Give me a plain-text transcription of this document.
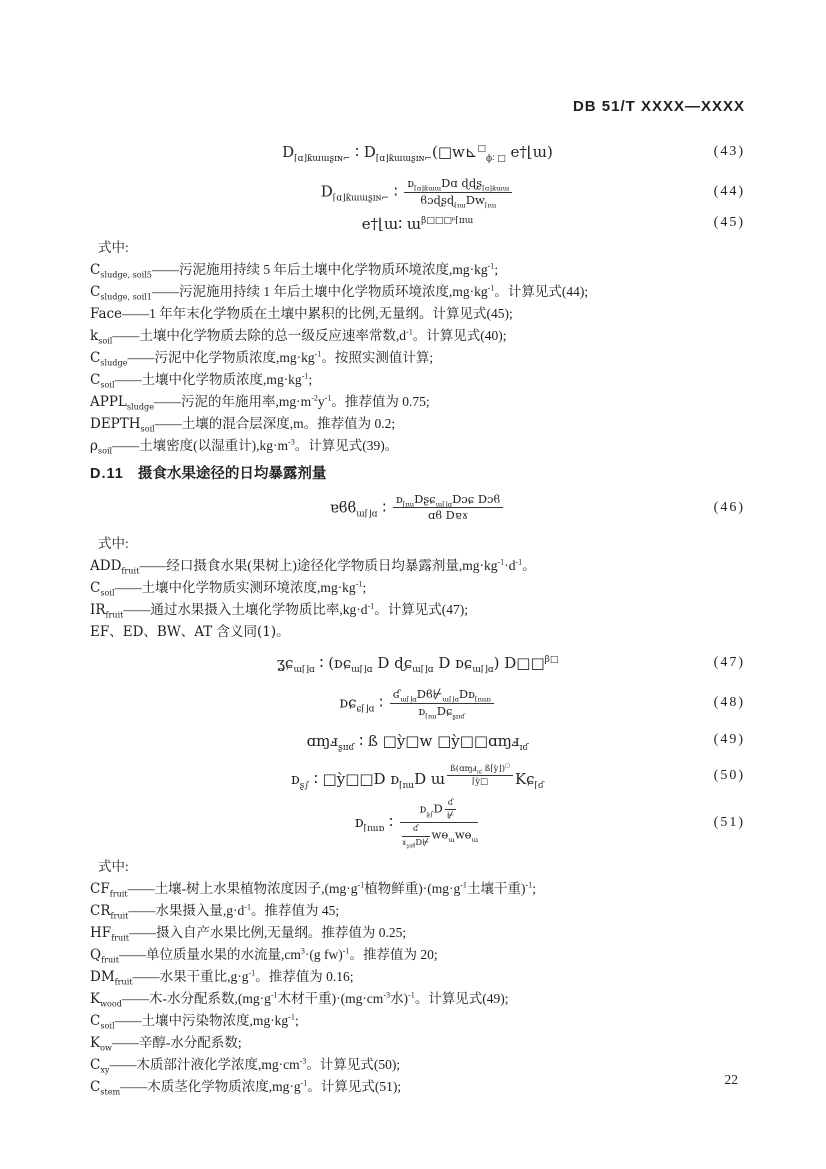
DB 51/T XXXX—XXXX
$D_{⌈ɑ⌋ƙɯɯʂɪɴ⌐}$ ∶ $D_{⌈ɑ⌋ƙɯɯʂɪɴ⌐}(□w⊾^□_{\phi∶ □}$ e†⌊ɯ)	(43)
$D_{⌈ɑ⌋ƙɯɯʂɪɴ⌐}$ ∶ $\frac{ᴅ_{⌈ɑ⌋ƙɯɯ}Dɑ ɖɖʂ_{⌈ɑ⌋ƙɯɯ}}{ϐɔɖʂɖ_{⌈ɪɯ}Dᴡ_{⌈ɪɯ}}$	(44)
e†⌊ɯ∶ ɯ$^{\beta□□□ᵖ⌈ɪɪɯ}$	(45)
式中:
$C_{sludge, soil5}——$污泥施用持续 5 年后土壤中化学物质环境浓度$,mg\cdot kg^{-1}$;
$C_{sludge, soil1}——$污泥施用持续 1 年后土壤中化学物质环境浓度$,mg\cdot kg^{-1}$。计算见式(44);
Face——1 年年末化学物质在土壤中累积的比例,无量纲。计算见式(45);
$k_{soil}——$土壤中化学物质去除的总一级反应速率常数$,d^{-1}$。计算见式(40);
$C_{sludge}——$污泥中化学物质浓度$,mg\cdot kg^{-1}$。按照实测值计算;
$C_{soil}——$土壤中化学物质浓度$,mg\cdot kg^{-1}$;
$APPL_{sludge}——$污泥的年施用率$,mg\cdot m^{-2}y^{-1}$。推荐值为 0.75;
$DEPTH_{soil}——$土壤的混合层深度,m。推荐值为 0.2;
$\rho_{soil}——$土壤密度(以湿重计)$,kg\cdot m^{-3}$。计算见式(39)。
D.11 摄食水果途径的日均暴露剂量
ɐϐϐ$_{ɯ⌈⌋ɑ}$ ∶ $\frac{ᴅ_{⌈ɪɯ}Dʂɕ_{ɯ⌈⌋ɑ}Dɔɕ Dɔϐ}{\text{ɑϐ Dɐɤ}}$	(46)
式中:
$ADD_{fruit}——$经口摄食水果(果树上)途径化学物质日均暴露剂量$,mg\cdot kg^{-1}\cdot d^{-1}$。
$C_{soil}——$土壤中化学物质实测环境浓度$,mg\cdot kg^{-1}$;
$IR_{fruit}——$通过水果摄入土壤化学物质比率$,kg\cdot d^{-1}$。计算见式(47);
EF、ED、BW、AT 含义同(1)。
ʓɕ$_{ɯ⌈⌋ɑ}$ ∶ (ᴅɕ$_{ɯ⌈⌋ɑ}$ D ɖɕ$_{ɯ⌈⌋ɑ}$ D ᴅɕ$_{ɯ⌈⌋ɑ}$) D□□$^{\beta□}$	(47)
ᴅɕ$_{ɕ⌈⌋ɑ}$ ∶ $\frac{ʛ_{ɯ⌈⌋ɑ}Dϐ⊬_{ɯ⌈⌋ɑ}Dᴅ_{⌈ɪɯɒ}}{ᴅ_{⌈ɪɯ}Dɕ_{ʂɪɪʛ}}$	(48)
ɑɱⅎ$_{ʂɪɪʛ}$ ∶ ß □ỳ□w □ỳ□□ɑɱⅎ$_{ɪʛ}$
(49)
ᴅ$_{ʂ\int}$ ∶ □ỳ□□D ᴅ$_{⌈ɪɯ}$D ɯ $^{\frac{ß(ɑɱⅎ_{ɪʛ} ß⌈ỳ⌋)^□}{\text{⌈ỳ□}}}$ Kɕ$_{⌈ʛ}$
(50)
ᴅ$_{⌈ɪɯɒ}$ ∶ $\frac{ᴅ_{ʂ\int}D \frac{\text{ʛ}}{⊬}}{\frac{\text{ʛ}}{ɤ_{ʂɪɪϐ}D⊬} wɵ_ɯwɵ_ɯ}$	(51)
式中:
$CF_{fruit}——$土壤-树上水果植物浓度因子$,(mg\cdot g^{-1}$植物鲜重)$\cdot(mg\cdot g^{-1}$土壤干重)$^{-1}$;
$CR_{fruit}——$水果摄入量$,g\cdot d^{-1}$。推荐值为 45;
$HF_{fruit}——$摄入自产水果比例,无量纲。推荐值为 0.25;
$Q_{fruit}——$单位质量水果的水流量$,cm^3\cdot(g$ fw)$^{-1}$。推荐值为 20;
$DM_{fruit}——$水果干重比$,g\cdot g^{-1}$。推荐值为 0.16;
$K_{wood}——$木-水分配系数$,(mg\cdot g^{-1}$木材干重)$\cdot(mg\cdot cm^{-3}$水)$^{-1}$。计算见式(49);
$C_{soil}——$土壤中污染物浓度$,mg\cdot kg^{-1}$;
$K_{ow}——$辛醇-水分配系数;
$C_{xy}——$木质部汁液化学浓度$,mg\cdot cm^{-3}$。计算见式(50);
$C_{stem}——$木质茎化学物质浓度$,mg\cdot g^{-1}$。计算见式(51);	22
